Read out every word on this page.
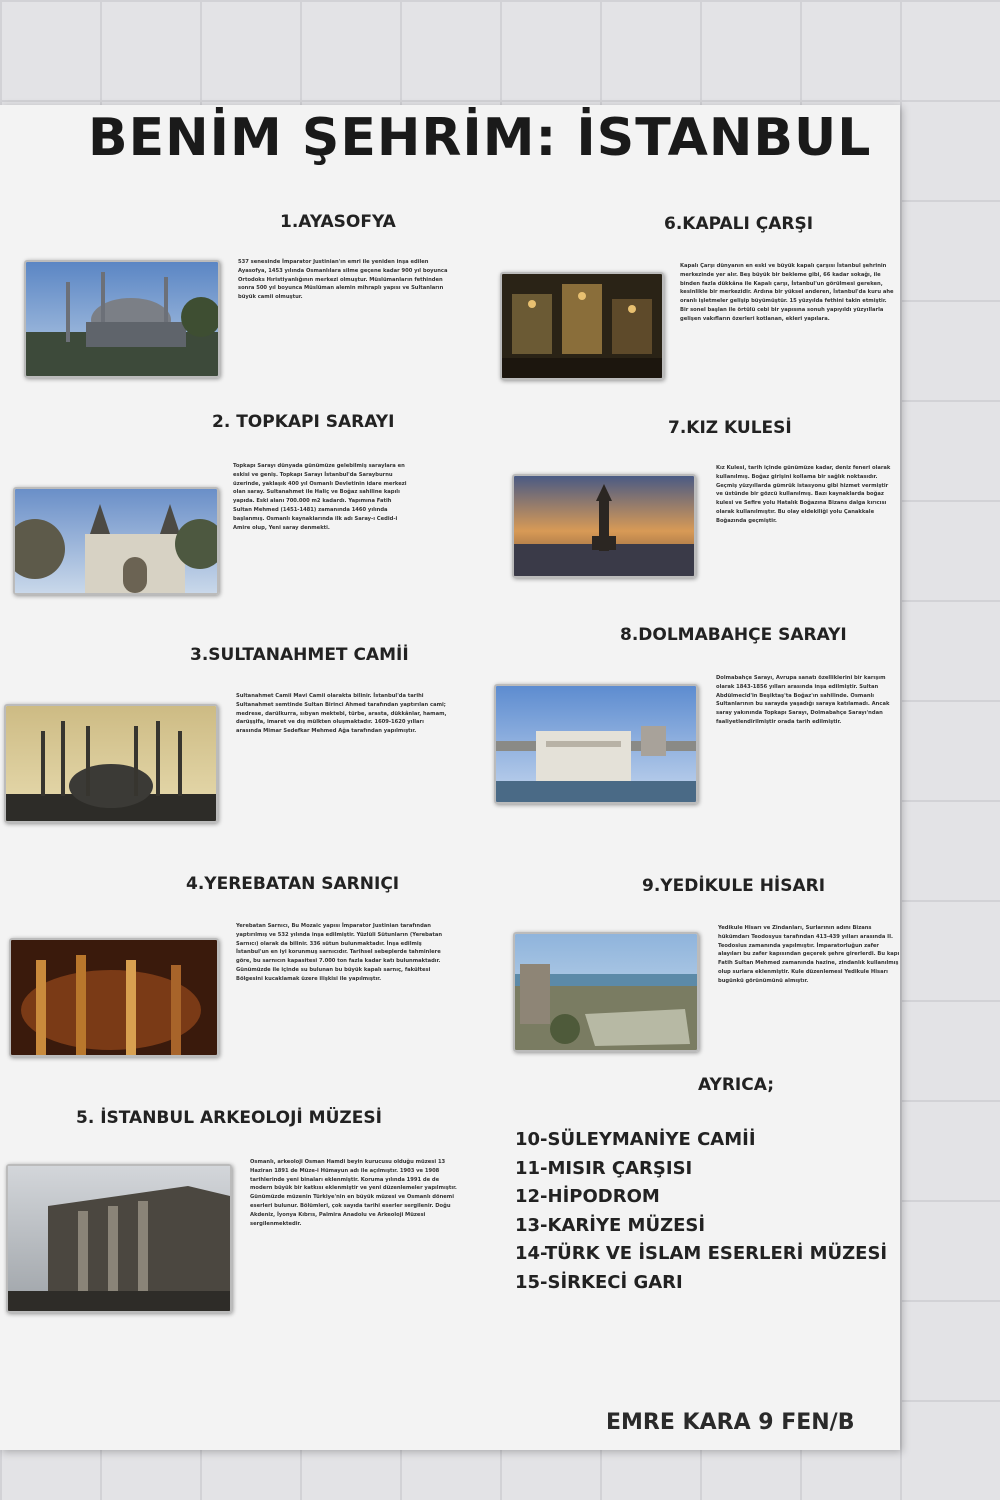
BENİM ŞEHRİM: İSTANBUL
1.AYASOFYA
537 senesinde İmparator Justinian'ın emri ile yeniden inşa edilen Ayasofya, 1453 yılında Osmanlılara silme geçene kadar 900 yıl boyunca Ortodoks Hıristiyanlığının merkezi olmuştur. Müslümanların fethinden sonra 500 yıl boyunca Müslüman alemin mihraplı yapısı ve Sultanların büyük camii olmuştur.
2. TOPKAPI SARAYI
Topkapı Sarayı dünyada günümüze gelebilmiş saraylara en eskisi ve geniş. Topkapı Sarayı İstanbul'da Sarayburnu üzerinde, yaklaşık 400 yıl Osmanlı Devletinin idare merkezi olan saray. Sultanahmet ile Haliç ve Boğaz sahiline kapılı yapıda. Eski alanı 700.000 m2 kadardı. Yapımına Fatih Sultan Mehmed (1451-1481) zamanında 1460 yılında başlanmış. Osmanlı kaynaklarında ilk adı Saray-ı Cedid-i Amire olup, Yeni saray denmekti.
3.SULTANAHMET CAMİİ
Sultanahmet Camii Mavi Camii olarakta bilinir. İstanbul'da tarihi Sultanahmet semtinde Sultan Birinci Ahmed tarafından yaptırılan cami; medrese, darülkurra, sıbyan mektebi, türbe, arasta, dükkânlar, hamam, darüşşifa, imaret ve dış mülkten oluşmaktadır. 1609-1620 yılları arasında Mimar Sedefkar Mehmed Ağa tarafından yapılmıştır.
4.YEREBATAN SARNIÇI
Yerebatan Sarnıcı, Bu Mozaic yapısı İmparator Justinian tarafından yaptırılmış ve 532 yılında inşa edilmiştir. Yüzlüli Sütunların (Yerebatan Sarnıcı) olarak da bilinir. 336 sütun bulunmaktadır. İnşa edilmiş İstanbul'un en iyi korunmuş sarnıcıdır. Tarihsel sebeplerde tahminlere göre, bu sarnıcın kapasitesi 7.000 ton fazla kadar katı bulunmaktadır. Günümüzde ile içinde su bulunan bu büyük kapalı sarnıç, fakültesi Bölgesini kucaklamak üzere ilişkisi ile yapılmıştır.
5. İSTANBUL ARKEOLOJİ MÜZESİ
Osmanlı, arkeoloji Osman Hamdi beyin kurucusu olduğu müzesi 13 Haziran 1891 de Müze-i Hümayun adı ile açılmıştır. 1903 ve 1908 tarihlerinde yeni binaları eklenmiştir. Koruma yılında 1991 de de modern büyük bir katkısı eklenmiştir ve yeni düzenlemeler yapılmıştır. Günümüzde müzenin Türkiye'nin en büyük müzesi ve Osmanlı dönemi eserleri bulunur. Bölümleri, çok sayıda tarihi eserler sergilenir. Doğu Akdeniz, İyonya Kıbrıs, Palmira Anadolu ve Arkeoloji Müzesi sergilenmektedir.
6.KAPALI ÇARŞI
Kapalı Çarşı dünyanın en eski ve büyük kapalı çarşısı İstanbul şehrinin merkezinde yer alır. Beş büyük bir bekleme gibi, 66 kadar sokağı, ile binden fazla dükkâna ile Kapalı çarşı, İstanbul'un görülmesi gereken, kesinlikle bir merkezidir. Ardına bir yüksel anderen, İstanbul'da kuru ahe oranlı işletmeler gelişip büyümüştür. 15 yüzyılda fethini takin etmiştir. Bir sonel başlan ile örtülü cebi bir yapısına sonuh yapıyıldı yüzyıllarla gelişen vakıfların özerleri kotlanan, ekleri yapılara.
7.KIZ KULESİ
Kız Kulesi, tarih içinde günümüze kadar, deniz feneri olarak kullanılmış. Boğaz girişini kollama bir sağlık noktasıdır. Geçmiş yüzyıllarda gümrük istasyonu gibi hizmet vermiştir ve üstünde bir gözcü kullanılmış. Bazı kaynaklarda boğaz kulesi ve Sefire yolu Hatalık Boğazına Bizans dalga kırıcısı olarak kullanılmıştır. Bu olay eldekiliği yolu Çanakkale Boğazında geçmiştir.
8.DOLMABAHÇE SARAYI
Dolmabahçe Sarayı, Avrupa sanatı özelliklerini bir karışım olarak 1843-1856 yılları arasında inşa edilmiştir. Sultan Abdülmecid'in Beşiktaş'ta Boğaz'ın sahilinde. Osmanlı Sultanlarının bu sarayda yaşadığı saraya katılamadı. Ancak saray yakınında Topkapı Sarayı, Dolmabahçe Sarayı'ndan faaliyetlendirilmiştir orada tarih edilmiştir.
9.YEDİKULE HİSARI
Yedikule Hisarı ve Zindanları, Surlarının adını Bizans hükümdarı Teodosyus tarafından 413-439 yılları arasında II. Teodosius zamanında yapılmıştır. İmparatorluğun zafer alayıları bu zafer kapısından geçerek şehre girerlerdi. Bu kapı Fatih Sultan Mehmed zamanında hazine, zindanlık kullanılmış olup surlara eklenmiştir. Kule düzenlemesi Yedikule Hisarı bugünkü görünümünü almıştır.
AYRICA;
10-SÜLEYMANİYE CAMİİ
11-MISIR ÇARŞISI
12-HİPODROM
13-KARİYE MÜZESİ
14-TÜRK VE İSLAM ESERLERİ MÜZESİ
15-SİRKECİ GARI
EMRE KARA 9 FEN/B
